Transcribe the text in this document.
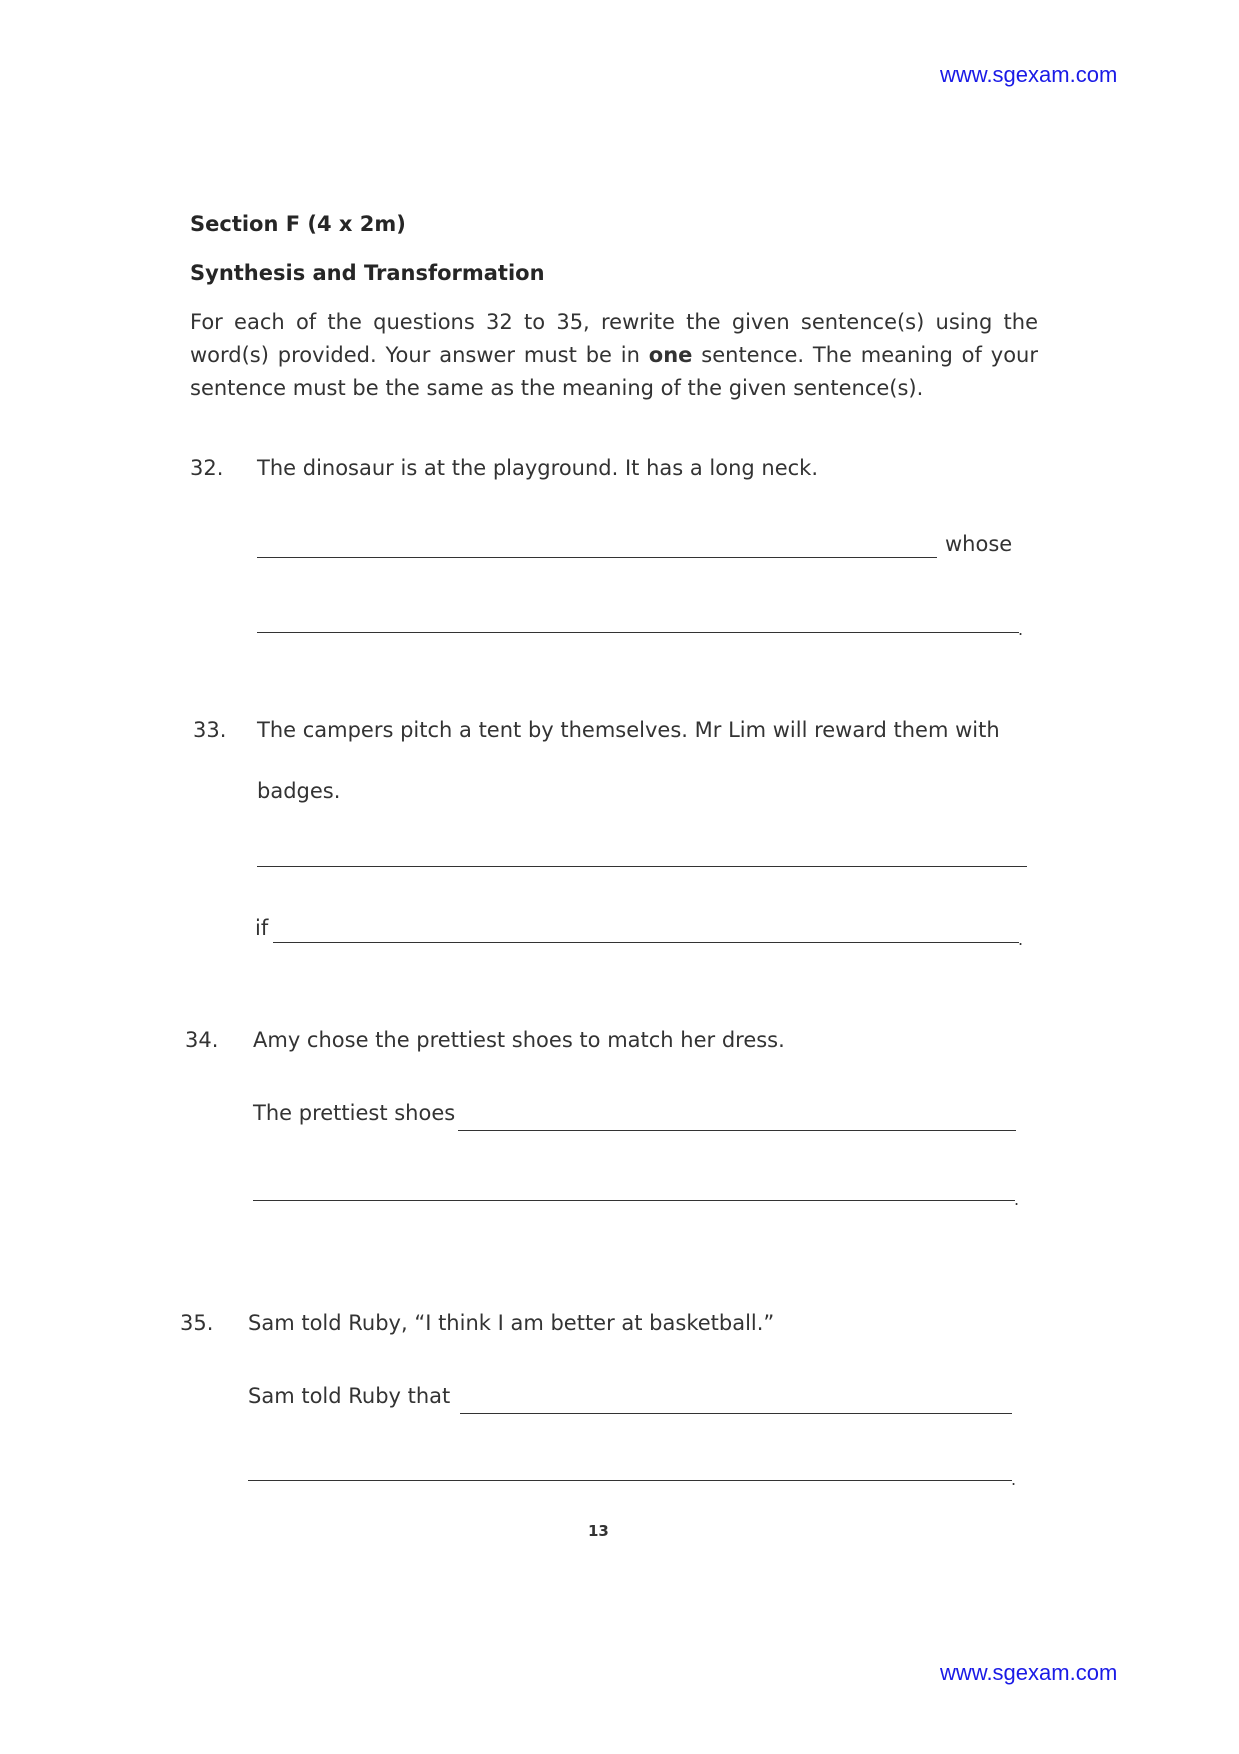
www.sgexam.com
www.sgexam.com
Section F (4 x 2m)
Synthesis and Transformation
For each of the questions 32 to 35, rewrite the given sentence(s) using the word(s) provided. Your answer must be in one sentence. The meaning of your sentence must be the same as the meaning of the given sentence(s).
32. The dinosaur is at the playground. It has a long neck.
whose
.
33. The campers pitch a tent by themselves. Mr Lim will reward them with
badges.
if	.
34. Amy chose the prettiest shoes to match her dress.
The prettiest shoes
.
35. Sam told Ruby, “I think I am better at basketball.”
Sam told Ruby that
.
13
